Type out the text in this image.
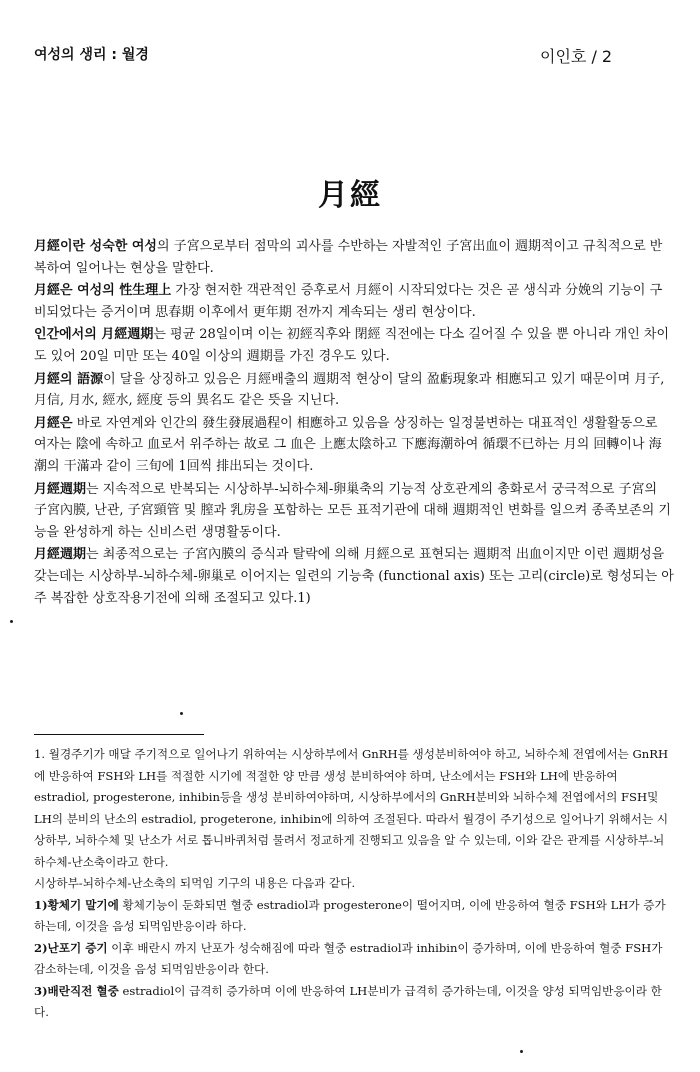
여성의 생리 : 월경	이인호 / 2
月經

月經이란 성숙한 여성의 子宮으로부터 점막의 괴사를 수반하는 자발적인 子宮出血이 週期적이고 규칙적으로 반복하여 일어나는 현상을 말한다.

月經은 여성의 性生理上 가장 현저한 객관적인 증후로서 月經이 시작되었다는 것은 곧 생식과 分娩의 기능이 구비되었다는 증거이며 思春期 이후에서 更年期 전까지 계속되는 생리 현상이다.

인간에서의 月經週期는 평균 28일이며 이는 初經직후와 閉經 직전에는 다소 길어질 수 있을 뿐 아니라 개인 차이도 있어 20일 미만 또는 40일 이상의 週期를 가진 경우도 있다.

月經의 語源이 달을 상징하고 있음은 月經배출의 週期적 현상이 달의 盈虧現象과 相應되고 있기 때문이며 月子, 月信, 月水, 經水, 經度 등의 異名도 같은 뜻을 지닌다.

月經은 바로 자연계와 인간의 發生發展過程이 相應하고 있음을 상징하는 일정불변하는 대표적인 생활활동으로 여자는 陰에 속하고 血로서 위주하는 故로 그 血은 上應太陰하고 下應海潮하여 循環不已하는 月의 回轉이나 海潮의 干滿과 같이 三旬에 1回씩 排出되는 것이다.

月經週期는 지속적으로 반복되는 시상하부-뇌하수체-卵巢축의 기능적 상호관계의 총화로서 궁극적으로 子宮의 子宮內膜, 난관, 子宮頸管 및 膣과 乳房을 포함하는 모든 표적기관에 대해 週期적인 변화를 일으켜 종족보존의 기능을 완성하게 하는 신비스런 생명활동이다.

月經週期는 최종적으로는 子宮內膜의 증식과 탈락에 의해 月經으로 표현되는 週期적 出血이지만 이런 週期성을 갖는데는 시상하부-뇌하수체-卵巢로 이어지는 일련의 기능축 (functional axis) 또는 고리(circle)로 형성되는 아주 복잡한 상호작용기전에 의해 조절되고 있다.1)

1. 월경주기가 매달 주기적으로 일어나기 위하여는 시상하부에서 GnRH를 생성분비하여야 하고, 뇌하수체 전엽에서는 GnRH에 반응하여 FSH와 LH를 적절한 시기에 적절한 양 만큼 생성 분비하여야 하며, 난소에서는 FSH와 LH에 반응하여 estradiol, progesterone, inhibin등을 생성 분비하여야하며, 시상하부에서의 GnRH분비와 뇌하수체 전엽에서의 FSH및 LH의 분비의 난소의 estradiol, progeterone, inhibin에 의하여 조절된다. 따라서 월경이 주기성으로 일어나기 위해서는 시상하부, 뇌하수체 및 난소가 서로 톱니바퀴처럼 물려서 정교하게 진행되고 있음을 알 수 있는데, 이와 같은 관계를 시상하부-뇌하수체-난소축이라고 한다.

시상하부-뇌하수체-난소축의 되먹임 기구의 내용은 다음과 같다.

1)황체기 말기에 황체기능이 둔화되면 혈중 estradiol과 progesterone이 떨어지며, 이에 반응하여 혈중 FSH와 LH가 증가하는데, 이것을 음성 되먹임반응이라 하다.

2)난포기 증기 이후 배란시 까지 난포가 성숙해짐에 따라 혈중 estradiol과 inhibin이 증가하며, 이에 반응하여 혈중 FSH가 감소하는데, 이것을 음성 되먹임반응이라 한다.

3)배란직전 혈중 estradiol이 급격히 증가하며 이에 반응하여 LH분비가 급격히 증가하는데, 이것을 양성 되먹임반응이라 한다.
